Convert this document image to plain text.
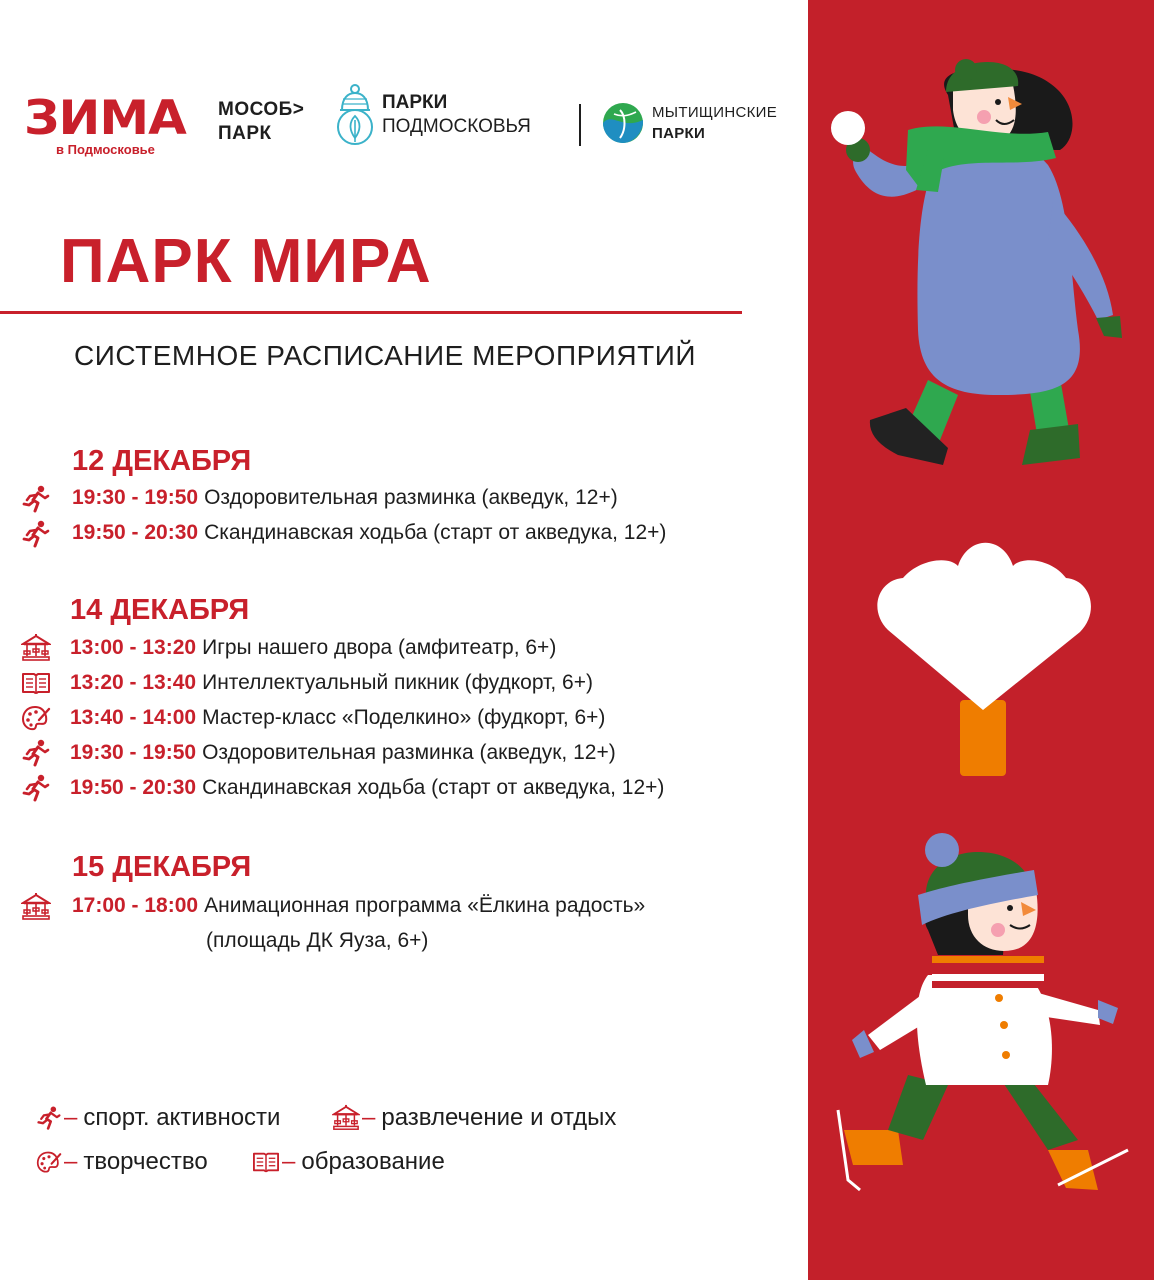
ЗИМА
в Подмосковье
МОСОБ>
ПАРК
ПАРКИ
ПОДМОСКОВЬЯ
МЫТИЩИНСКИЕ
ПАРКИ
ПАРК МИРА
СИСТЕМНОЕ РАСПИСАНИЕ МЕРОПРИЯТИЙ
12 ДЕКАБРЯ
19:30 - 19:50 Оздоровительная разминка (акведук, 12+)
19:50 - 20:30 Скандинавская ходьба (старт от акведука, 12+)
14 ДЕКАБРЯ
13:00 - 13:20 Игры нашего двора (амфитеатр, 6+)
13:20 - 13:40 Интеллектуальный пикник (фудкорт, 6+)
13:40 - 14:00 Мастер-класс «Поделкино» (фудкорт, 6+)
19:30 - 19:50 Оздоровительная разминка (акведук, 12+)
19:50 - 20:30 Скандинавская ходьба (старт от акведука, 12+)
15 ДЕКАБРЯ
17:00 - 18:00 Анимационная программа «Ёлкина радость»
(площадь ДК Яуза, 6+)
– спорт. активности	– развлечение и отдых
– творчество	– образование
